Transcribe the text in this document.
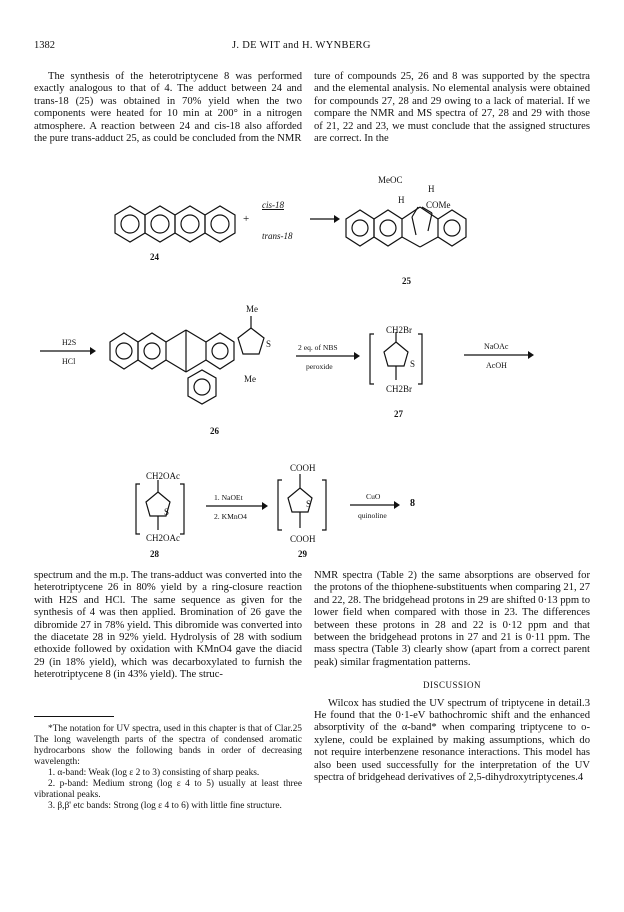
1382	J. DE WIT and H. WYNBERG

The synthesis of the heterotriptycene 8 was performed exactly analogous to that of 4. The adduct between 24 and trans-18 (25) was obtained in 70% yield when the two components were heated for 10 min at 200° in a nitrogen atmosphere. A reaction between 24 and cis-18 also afforded the pure trans-adduct 25, as could be concluded from the NMR

ture of compounds 25, 26 and 8 was supported by the spectra and the elemental analysis. No elemental analysis were obtained for compounds 27, 28 and 29 owing to a lack of material. If we compare the NMR and MS spectra of 27, 28 and 29 with those of 21, 22 and 23, we must conclude that the assigned structures are correct. In the

24
+
cis-18
trans-18
MeOC
H
H COMe
25
H2S
HCl
Me
S
Me
26
2 eq. of NBS
peroxide
CH2Br
S
CH2Br
27
NaOAc
AcOH
CH2OAc
S
CH2OAc
28
1. NaOEt
2. KMnO4
COOH
S
COOH
29
CuO
quinoline
8

spectrum and the m.p. The trans-adduct was converted into the heterotriptycene 26 in 80% yield by a ring-closure reaction with H2S and HCl. The same sequence as given for the synthesis of 4 was then applied. Bromination of 26 gave the dibromide 27 in 78% yield. This dibromide was converted into the diacetate 28 in 92% yield. Hydrolysis of 28 with sodium ethoxide followed by oxidation with KMnO4 gave the diacid 29 (in 18% yield), which was decarboxylated to furnish the heterotriptycene 8 (in 43% yield). The struc-

*The notation for UV spectra, used in this chapter is that of Clar.25 The long wavelength parts of the spectra of condensed aromatic hydrocarbons show the following bands in order of decreasing wavelength:

1. α-band: Weak (log ε 2 to 3) consisting of sharp peaks.

2. p-band: Medium strong (log ε 4 to 5) usually at least three vibrational peaks.

3. β,β' etc bands: Strong (log ε 4 to 6) with little fine structure.

NMR spectra (Table 2) the same absorptions are observed for the protons of the thiophene-substituents when comparing 21, 27 and 22, 28. The bridgehead protons in 29 are shifted 0·13 ppm to lower field when compared with those in 23. The differences between these protons in 28 and 22 is 0·12 ppm and that between the bridgehead protons in 27 and 21 is 0·11 ppm. The mass spectra (Table 3) clearly show (apart from a correct parent peak) similar fragmentation patterns.

DISCUSSION

Wilcox has studied the UV spectrum of triptycene in detail.3 He found that the 0·1-eV bathochromic shift and the enhanced absorptivity of the α-band* when comparing triptycene to o-xylene, could be explained by making assumptions, which do not require interbenzene resonance interactions. This model has also been used successfully for the interpretation of the UV spectra of bridgehead derivatives of 2,5-dihydroxytriptycenes.4
